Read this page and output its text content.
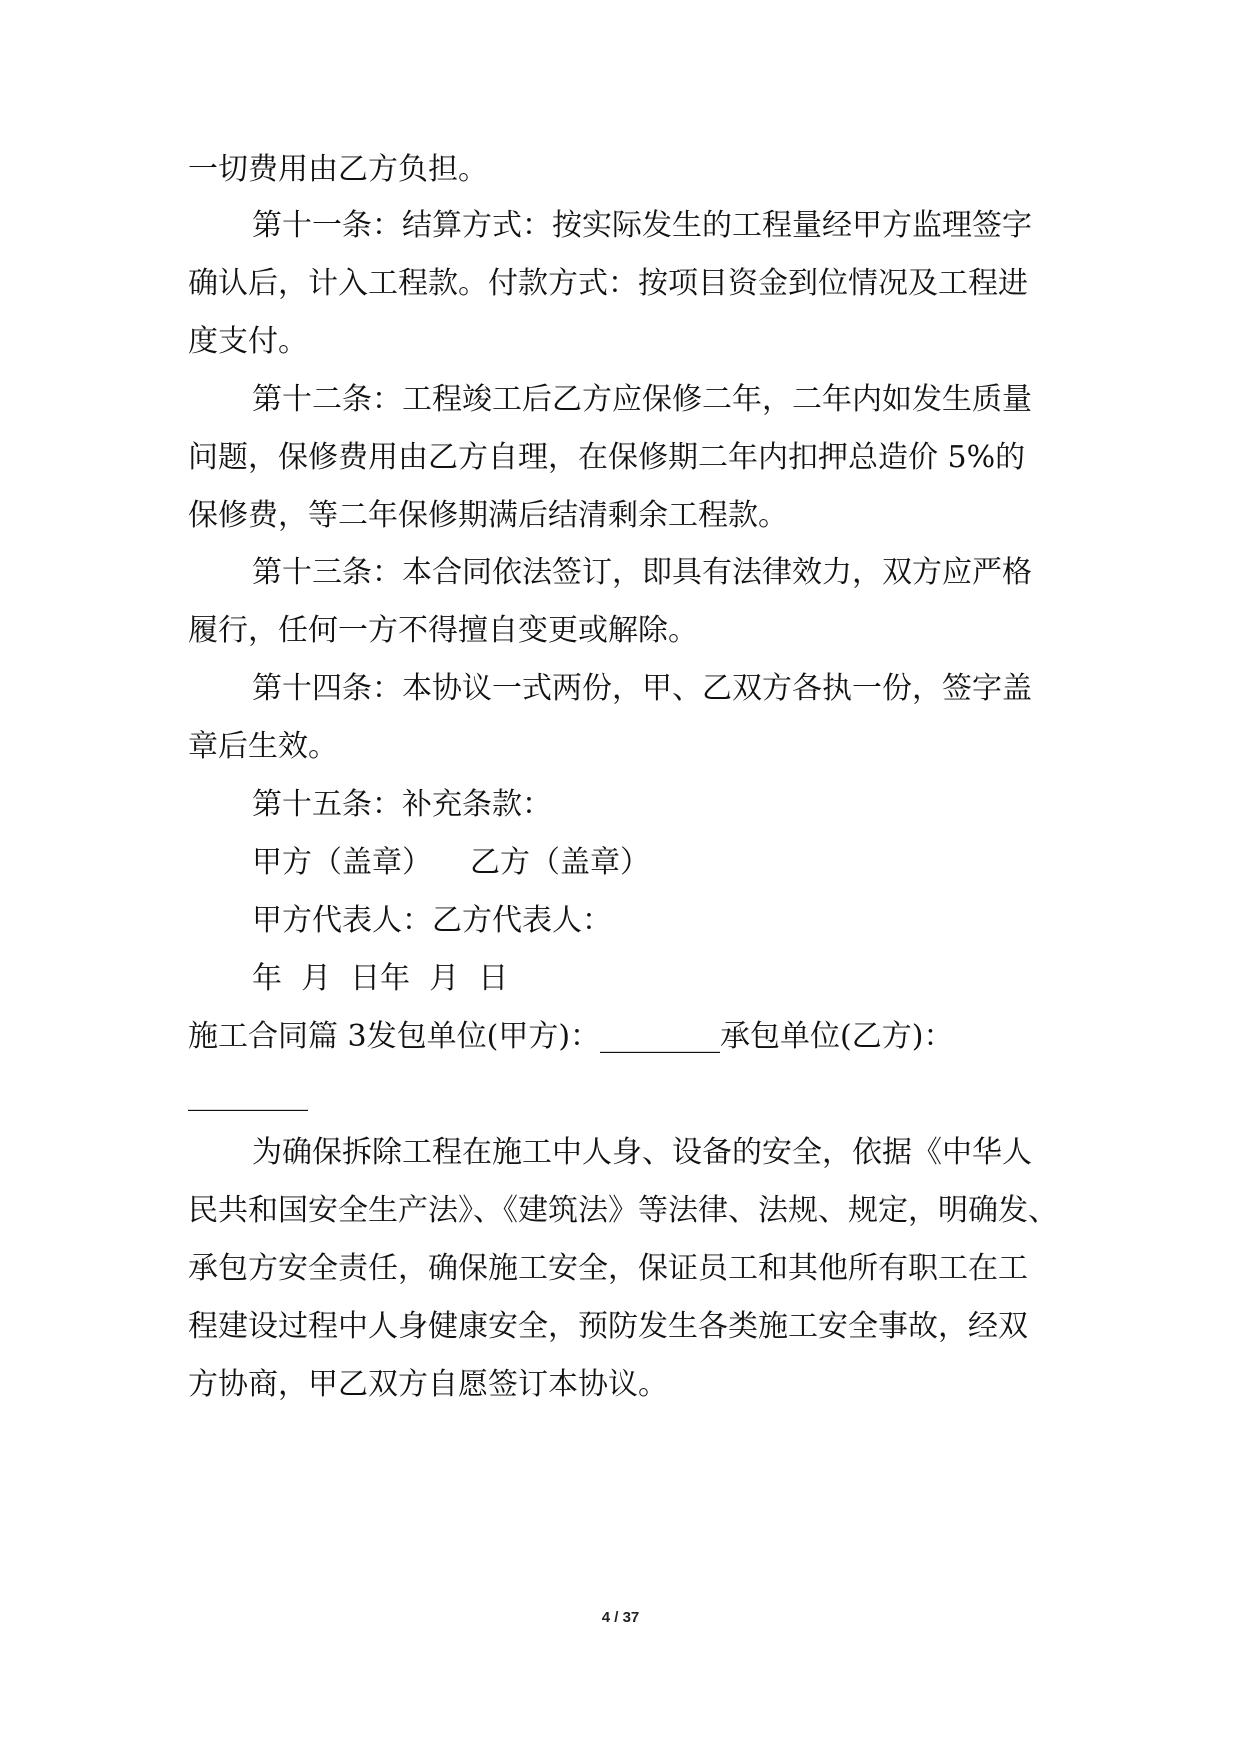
一切费用由乙方负担。
第十一条：结算方式：按实际发生的工程量经甲方监理签字
确认后，计入工程款。付款方式：按项目资金到位情况及工程进
度支付。
第十二条：工程竣工后乙方应保修二年，二年内如发生质量
问题，保修费用由乙方自理，在保修期二年内扣押总造价 5%的
保修费，等二年保修期满后结清剩余工程款。
第十三条：本合同依法签订，即具有法律效力，双方应严格
履行，任何一方不得擅自变更或解除。
第十四条：本协议一式两份，甲、乙双方各执一份，签字盖
章后生效。
第十五条：补充条款：
甲方（盖章） 乙方（盖章）
甲方代表人：乙方代表人：
年  月  日年  月  日
施工合同篇 3 发包单位(甲方)：________承包单位(乙方)：
________
为确保拆除工程在施工中人身、设备的安全，依据《中华人
民共和国安全生产法》、《建筑法》等法律、法规、规定，明确发、
承包方安全责任，确保施工安全，保证员工和其他所有职工在工
程建设过程中人身健康安全，预防发生各类施工安全事故，经双
方协商，甲乙双方自愿签订本协议。
4 / 37
